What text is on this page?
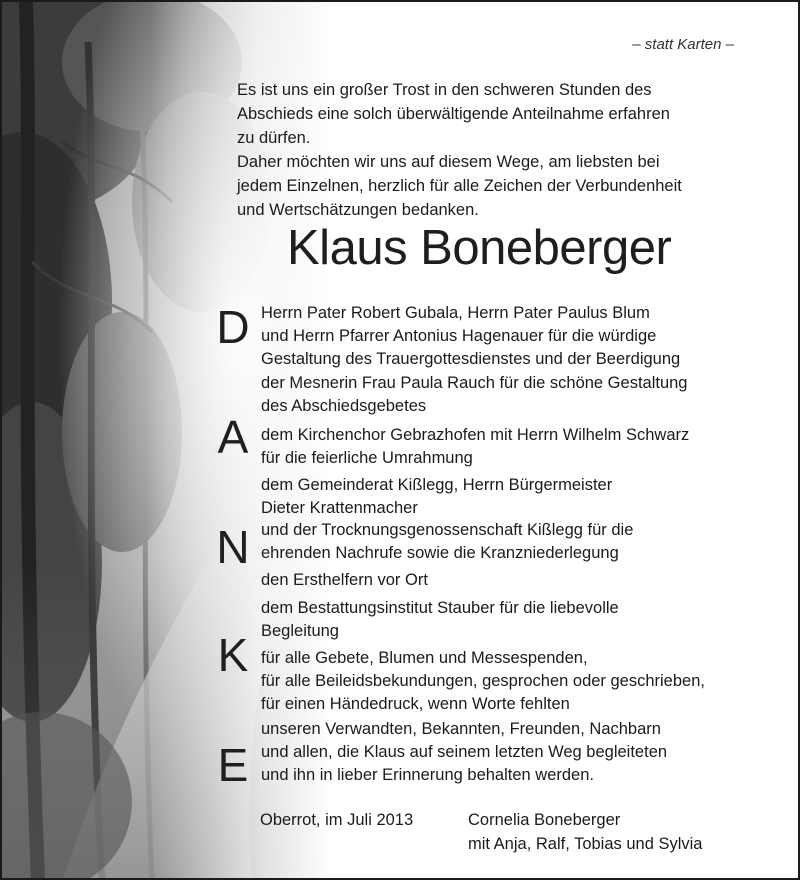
– statt Karten –

Es ist uns ein großer Trost in den schweren Stunden des
Abschieds eine solch überwältigende Anteilnahme erfahren
zu dürfen.
Daher möchten wir uns auf diesem Wege, am liebsten bei
jedem Einzelnen, herzlich für alle Zeichen der Verbundenheit
und Wertschätzungen bedanken.

Klaus Boneberger
D
A
N
K
E

Herrn Pater Robert Gubala, Herrn Pater Paulus Blum
und Herrn Pfarrer Antonius Hagenauer für die würdige
Gestaltung des Trauergottesdienstes und der Beerdigung

der Mesnerin Frau Paula Rauch für die schöne Gestaltung
des Abschiedsgebetes

dem Kirchenchor Gebrazhofen mit Herrn Wilhelm Schwarz
für die feierliche Umrahmung

dem Gemeinderat Kißlegg, Herrn Bürgermeister
Dieter Krattenmacher

und der Trocknungsgenossenschaft Kißlegg für die
ehrenden Nachrufe sowie die Kranzniederlegung

den Ersthelfern vor Ort

dem Bestattungsinstitut Stauber für die liebevolle
Begleitung

für alle Gebete, Blumen und Messespenden,
für alle Beileidsbekundungen, gesprochen oder geschrieben,
für einen Händedruck, wenn Worte fehlten

unseren Verwandten, Bekannten, Freunden, Nachbarn
und allen, die Klaus auf seinem letzten Weg begleiteten
und ihn in lieber Erinnerung behalten werden.

Oberrot, im Juli 2013	Cornelia Boneberger
mit Anja, Ralf, Tobias und Sylvia
